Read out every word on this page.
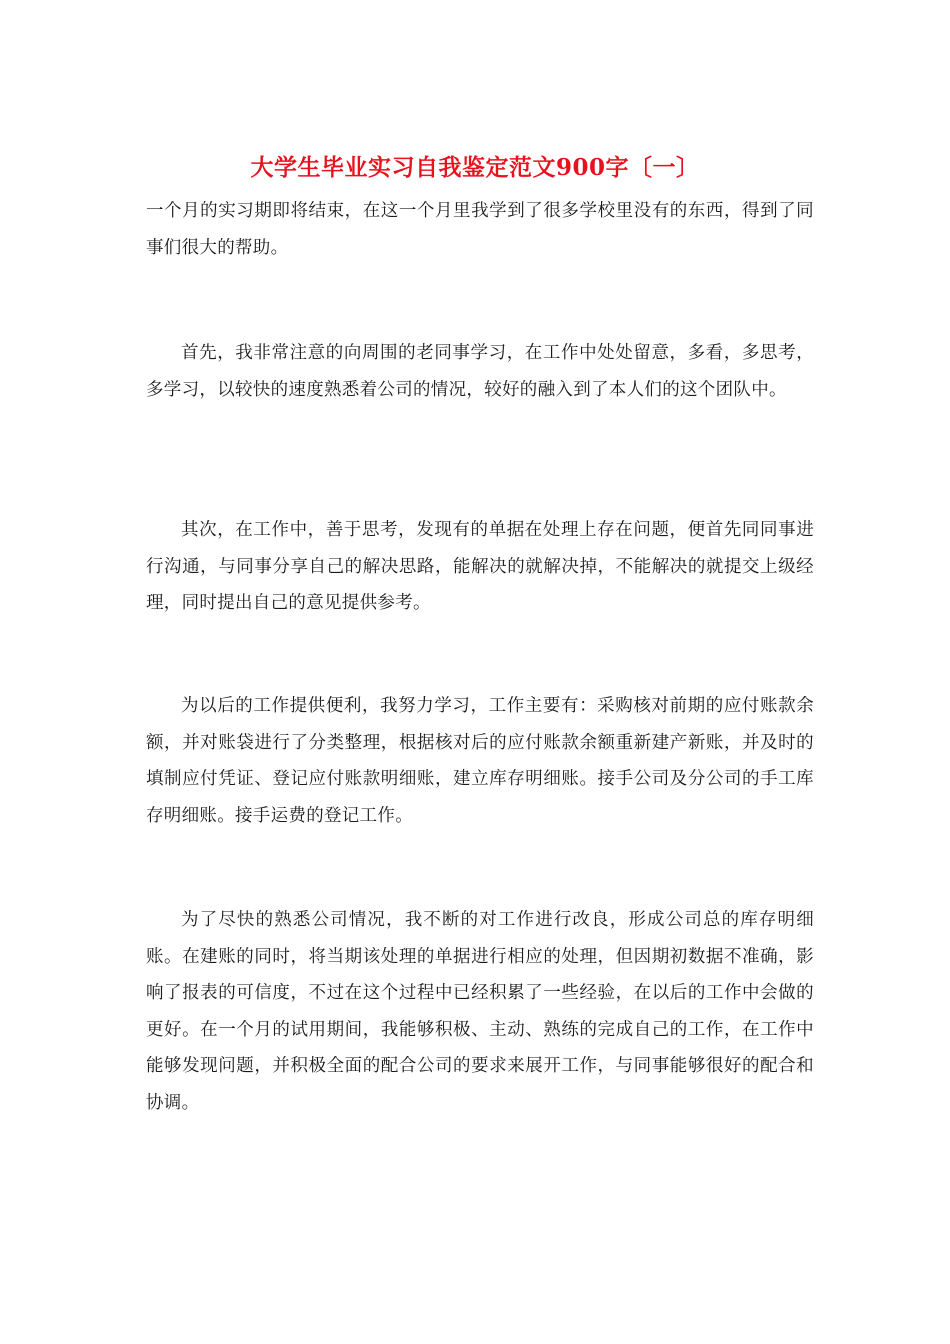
大学生毕业实习自我鉴定范文900字〔一〕

一个月的实习期即将结束，在这一个月里我学到了很多学校里没有的东西，得到了同事们很大的帮助。

首先，我非常注意的向周围的老同事学习，在工作中处处留意，多看，多思考，多学习，以较快的速度熟悉着公司的情况，较好的融入到了本人们的这个团队中。

其次，在工作中，善于思考，发现有的单据在处理上存在问题，便首先同同事进行沟通，与同事分享自己的解决思路，能解决的就解决掉，不能解决的就提交上级经理，同时提出自己的意见提供参考。

为以后的工作提供便利，我努力学习，工作主要有：采购核对前期的应付账款余额，并对账袋进行了分类整理，根据核对后的应付账款余额重新建产新账，并及时的填制应付凭证、登记应付账款明细账，建立库存明细账。接手公司及分公司的手工库存明细账。接手运费的登记工作。

为了尽快的熟悉公司情况，我不断的对工作进行改良，形成公司总的库存明细账。在建账的同时，将当期该处理的单据进行相应的处理，但因期初数据不准确，影响了报表的可信度，不过在这个过程中已经积累了一些经验，在以后的工作中会做的更好。在一个月的试用期间，我能够积极、主动、熟练的完成自己的工作，在工作中能够发现问题，并积极全面的配合公司的要求来展开工作，与同事能够很好的配合和协调。
